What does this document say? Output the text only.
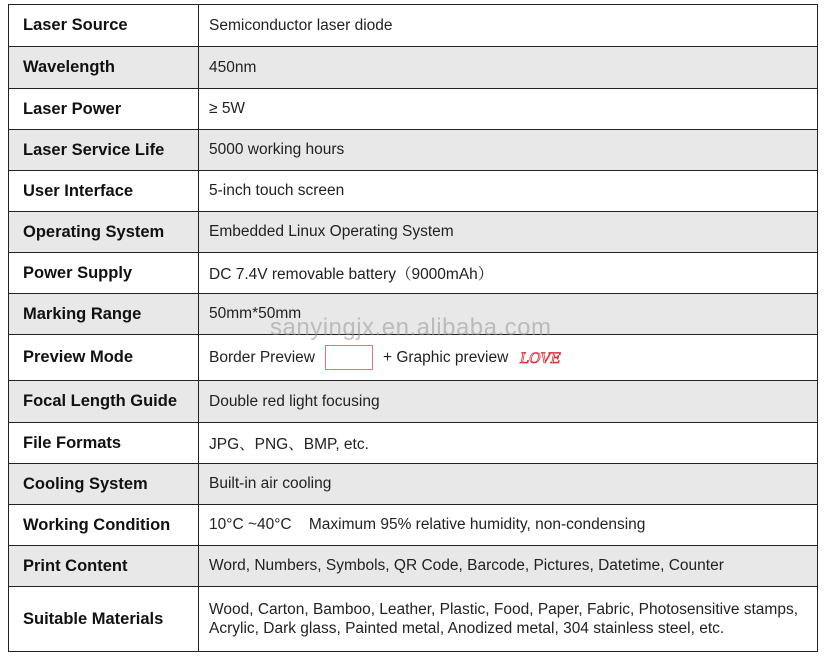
Laser Source	Semiconductor laser diode
Wavelength	450nm
Laser Power	≥ 5W
Laser Service Life	5000 working hours
User Interface	5-inch touch screen
Operating System	Embedded Linux Operating System
Power Supply	DC 7.4V removable battery（9000mAh）
Marking Range	50mm*50mm
Preview Mode	Border Preview + Graphic preview LOVE

Focal Length Guide	Double red light focusing
File Formats	JPG、PNG、BMP, etc.
Cooling System	Built-in air cooling
Working Condition	10°C ~40°C    Maximum 95% relative humidity, non-condensing
Print Content	Word, Numbers, Symbols, QR Code, Barcode, Pictures, Datetime, Counter
Suitable Materials	Wood, Carton, Bamboo, Leather, Plastic, Food, Paper, Fabric, Photosensitive stamps,
Acrylic, Dark glass, Painted metal, Anodized metal, 304 stainless steel, etc.
sanyingjx.en.alibaba.com
